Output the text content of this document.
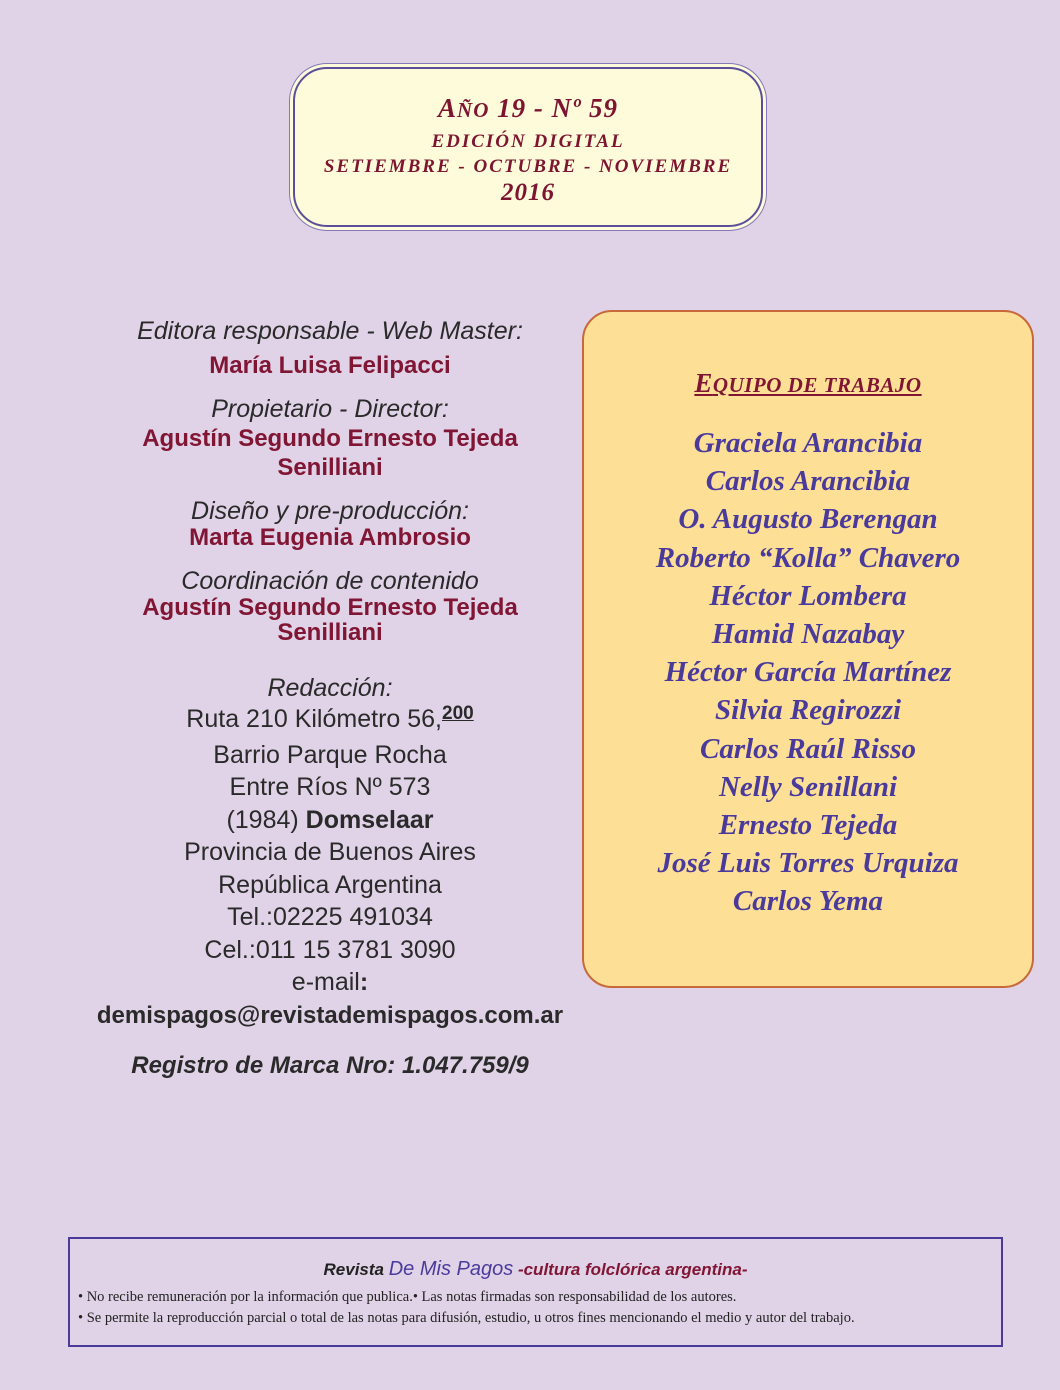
AÑO 19 - Nº 59
EDICIÓN DIGITAL
SETIEMBRE - OCTUBRE - NOVIEMBRE
2016
Editora responsable - Web Master:
María Luisa Felipacci
Propietario - Director:
Agustín Segundo Ernesto Tejeda
Senilliani
Diseño y pre-producción:
Marta Eugenia Ambrosio
Coordinación de contenido
Agustín Segundo Ernesto Tejeda
Senilliani
Redacción:
Ruta 210 Kilómetro 56,$^{200}$
Barrio Parque Rocha
Entre Ríos Nº 573
(1984) Domselaar
Provincia de Buenos Aires
República Argentina
Tel.:02225 491034
Cel.:011 15 3781 3090
e-mail:
demispagos@revistademispagos.com.ar
Registro de Marca Nro: 1.047.759/9
EQUIPO DE TRABAJO
Graciela Arancibia
Carlos Arancibia
O. Augusto Berengan
Roberto “Kolla” Chavero
Héctor Lombera
Hamid Nazabay
Héctor García Martínez
Silvia Regirozzi
Carlos Raúl Risso
Nelly Senillani
Ernesto Tejeda
José Luis Torres Urquiza
Carlos Yema
Revista De Mis Pagos -cultura folclórica argentina-
• No recibe remuneración por la información que publica.• Las notas firmadas son responsabilidad de los autores.
• Se permite la reproducción parcial o total de las notas para difusión, estudio, u otros fines mencionando el medio y autor del trabajo.
